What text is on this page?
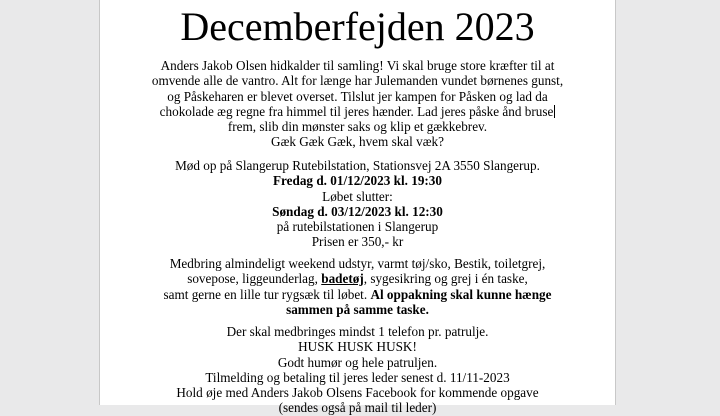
Decemberfejden 2023
Anders Jakob Olsen hidkalder til samling! Vi skal bruge store kræfter til at
omvende alle de vantro. Alt for længe har Julemanden vundet børnenes gunst,
og Påskeharen er blevet overset. Tilslut jer kampen for Påsken og lad da
chokolade æg regne fra himmel til jeres hænder. Lad jeres påske ånd bruse
frem, slib din mønster saks og klip et gækkebrev.
Gæk Gæk Gæk, hvem skal væk?
Mød op på Slangerup Rutebilstation, Stationsvej 2A 3550 Slangerup.
Fredag d. 01/12/2023 kl. 19:30
Løbet slutter:
Søndag d. 03/12/2023 kl. 12:30
på rutebilstationen i Slangerup
Prisen er 350,- kr
Medbring almindeligt weekend udstyr, varmt tøj/sko, Bestik, toiletgrej,
sovepose, liggeunderlag, badetøj, sygesikring og grej i én taske,
samt gerne en lille tur rygsæk til løbet. Al oppakning skal kunne hænge
sammen på samme taske.
Der skal medbringes mindst 1 telefon pr. patrulje.
HUSK HUSK HUSK!
Godt humør og hele patruljen.
Tilmelding og betaling til jeres leder senest d. 11/11-2023
Hold øje med Anders Jakob Olsens Facebook for kommende opgave
(sendes også på mail til leder)
